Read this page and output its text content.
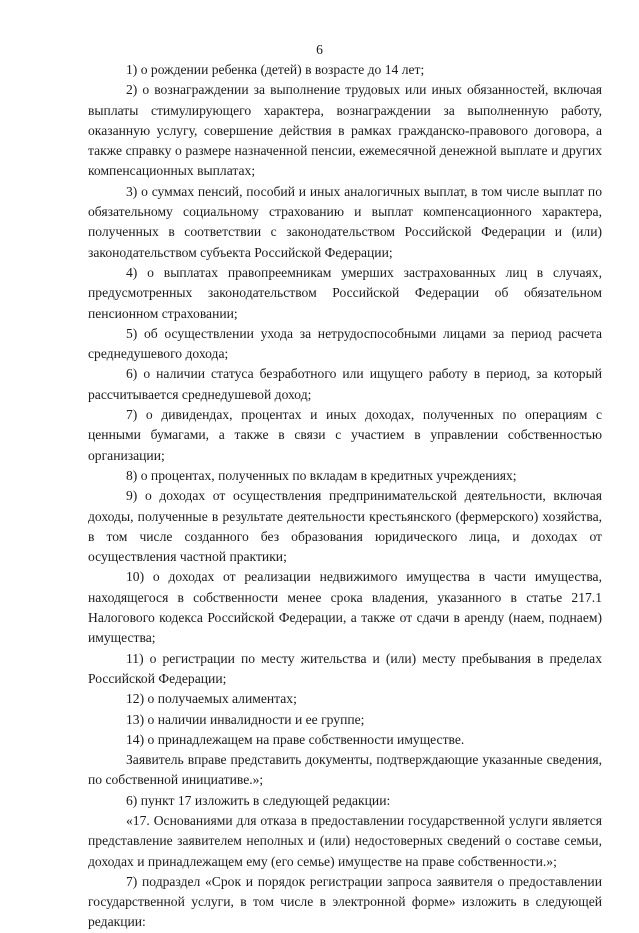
6

1) о рождении ребенка (детей) в возрасте до 14 лет;

2) о вознаграждении за выполнение трудовых или иных обязанностей, включая выплаты стимулирующего характера, вознаграждении за выполненную работу, оказанную услугу, совершение действия в рамках гражданско-правового договора, а также справку о размере назначенной пенсии, ежемесячной денежной выплате и других компенсационных выплатах;

3) о суммах пенсий, пособий и иных аналогичных выплат, в том числе выплат по обязательному социальному страхованию и выплат компенсационного характера, полученных в соответствии с законодательством Российской Федерации и (или) законодательством субъекта Российской Федерации;

4) о выплатах правопреемникам умерших застрахованных лиц в случаях, предусмотренных законодательством Российской Федерации об обязательном пенсионном страховании;

5) об осуществлении ухода за нетрудоспособными лицами за период расчета среднедушевого дохода;

6) о наличии статуса безработного или ищущего работу в период, за который рассчитывается среднедушевой доход;

7) о дивидендах, процентах и иных доходах, полученных по операциям с ценными бумагами, а также в связи с участием в управлении собственностью организации;

8) о процентах, полученных по вкладам в кредитных учреждениях;

9) о доходах от осуществления предпринимательской деятельности, включая доходы, полученные в результате деятельности крестьянского (фермерского) хозяйства, в том числе созданного без образования юридического лица, и доходах от осуществления частной практики;

10) о доходах от реализации недвижимого имущества в части имущества, находящегося в собственности менее срока владения, указанного в статье 217.1 Налогового кодекса Российской Федерации, а также от сдачи в аренду (наем, поднаем) имущества;

11) о регистрации по месту жительства и (или) месту пребывания в пределах Российской Федерации;

12) о получаемых алиментах;

13) о наличии инвалидности и ее группе;

14) о принадлежащем на праве собственности имуществе.

Заявитель вправе представить документы, подтверждающие указанные сведения, по собственной инициативе.»;

6) пункт 17 изложить в следующей редакции:

«17. Основаниями для отказа в предоставлении государственной услуги является представление заявителем неполных и (или) недостоверных сведений о составе семьи, доходах и принадлежащем ему (его семье) имуществе на праве собственности.»;

7) подраздел «Срок и порядок регистрации запроса заявителя о предоставлении государственной услуги, в том числе в электронной форме» изложить в следующей редакции:
